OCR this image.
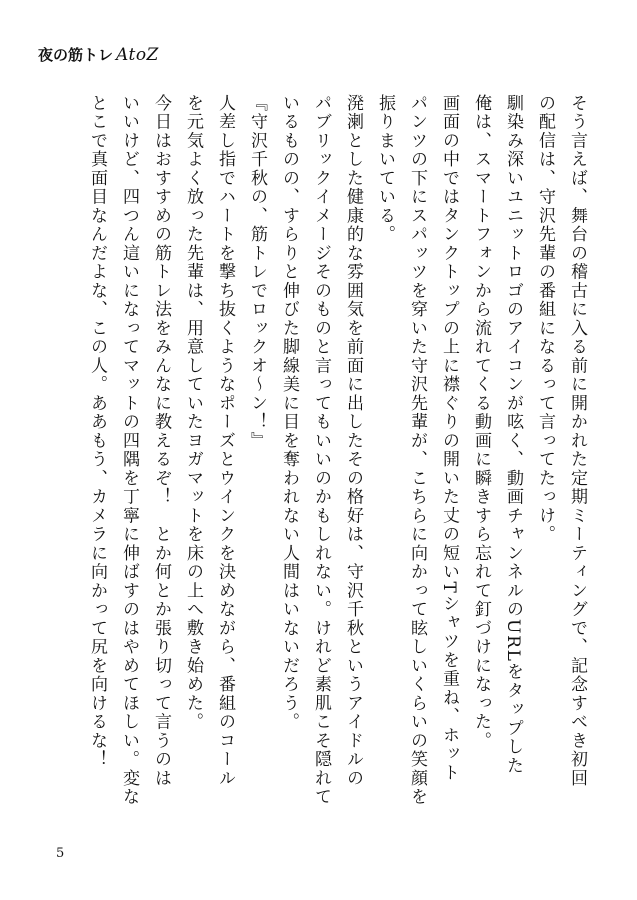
夜の筋トレ AtoZ

そう言えば、舞台の稽古に入る前に開かれた定期ミーティングで、記念すべき初回

の配信は、守沢先輩の番組になるって言ってたっけ。

馴染み深いユニットロゴのアイコンが呟く、動画チャンネルのURLをタップした

俺は、スマートフォンから流れてくる動画に瞬きすら忘れて釘づけになった。

画面の中ではタンクトップの上に襟ぐりの開いた丈の短いTシャツを重ね、ホット

パンツの下にスパッツを穿いた守沢先輩が、こちらに向かって眩しいくらいの笑顔を

振りまいている。

溌溂とした健康的な雰囲気を前面に出したその格好は、守沢千秋というアイドルの

パブリックイメージそのものと言ってもいいのかもしれない。けれど素肌こそ隠れて

いるものの、すらりと伸びた脚線美に目を奪われない人間はいないだろう。

『守沢千秋の、筋トレでロックオ〜ン！』

人差し指でハートを撃ち抜くようなポーズとウインクを決めながら、番組のコール

を元気よく放った先輩は、用意していたヨガマットを床の上へ敷き始めた。

今日はおすすめの筋トレ法をみんなに教えるぞ！　とか何とか張り切って言うのは

いいけど、四つん這いになってマットの四隅を丁寧に伸ばすのはやめてほしい。変な

とこで真面目なんだよな、この人。ああもう、カメラに向かって尻を向けるな！

5
